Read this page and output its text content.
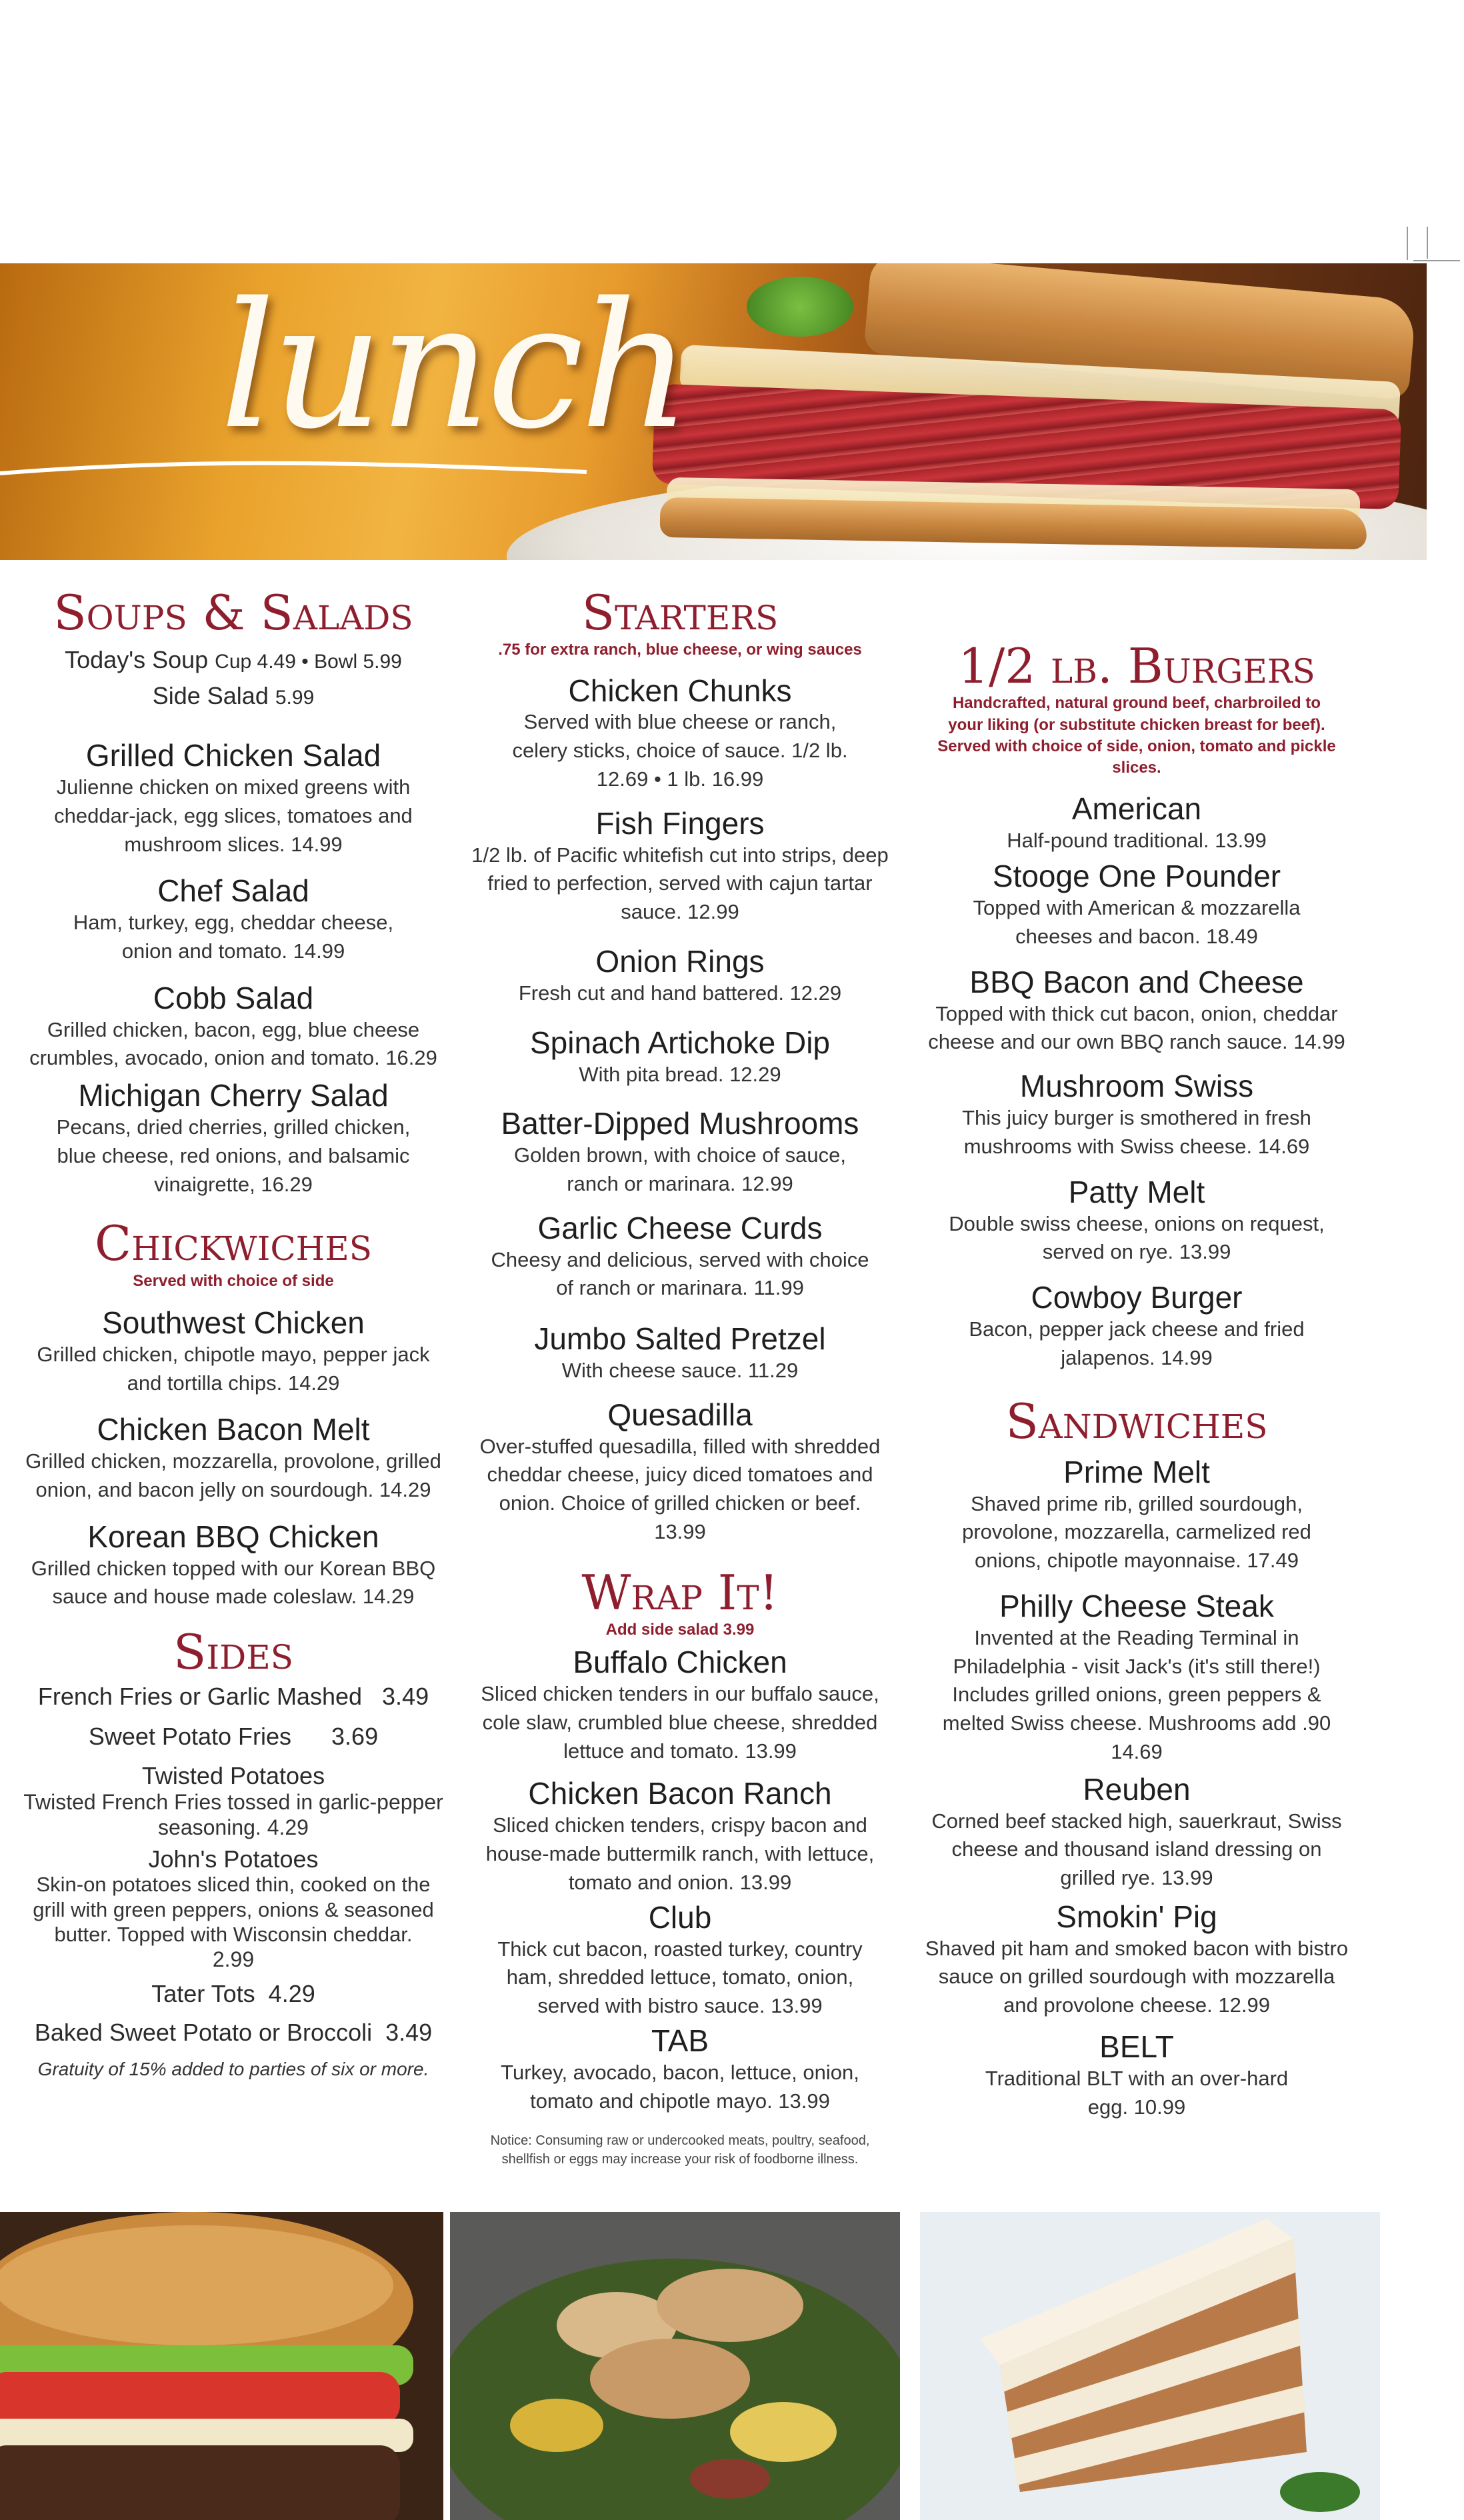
lunch
Soups & Salads
Today's Soup Cup 4.49 • Bowl 5.99
Side Salad 5.99
Grilled Chicken Salad
Julienne chicken on mixed greens with cheddar-jack, egg slices, tomatoes and mushroom slices. 14.99
Chef Salad
Ham, turkey, egg, cheddar cheese, onion and tomato. 14.99
Cobb Salad
Grilled chicken, bacon, egg, blue cheese crumbles, avocado, onion and tomato. 16.29
Michigan Cherry Salad
Pecans, dried cherries, grilled chicken, blue cheese, red onions, and balsamic vinaigrette, 16.29
Chickwiches
Served with choice of side
Southwest Chicken
Grilled chicken, chipotle mayo, pepper jack and tortilla chips. 14.29
Chicken Bacon Melt
Grilled chicken, mozzarella, provolone, grilled onion, and bacon jelly on sourdough. 14.29
Korean BBQ Chicken
Grilled chicken topped with our Korean BBQ sauce and house made coleslaw. 14.29
Sides
French Fries or Garlic Mashed 3.49
Sweet Potato Fries 3.69
Twisted Potatoes
Twisted French Fries tossed in garlic-pepper seasoning. 4.29
John's Potatoes
Skin-on potatoes sliced thin, cooked on the grill with green peppers, onions & seasoned butter. Topped with Wisconsin cheddar.
2.99
Tater Tots 4.29
Baked Sweet Potato or Broccoli 3.49
Gratuity of 15% added to parties of six or more.
Starters
.75 for extra ranch, blue cheese, or wing sauces
Chicken Chunks
Served with blue cheese or ranch, celery sticks, choice of sauce. 1/2 lb. 12.69 • 1 lb. 16.99
Fish Fingers
1/2 lb. of Pacific whitefish cut into strips, deep fried to perfection, served with cajun tartar sauce. 12.99
Onion Rings
Fresh cut and hand battered. 12.29
Spinach Artichoke Dip
With pita bread. 12.29
Batter-Dipped Mushrooms
Golden brown, with choice of sauce, ranch or marinara. 12.99
Garlic Cheese Curds
Cheesy and delicious, served with choice of ranch or marinara. 11.99
Jumbo Salted Pretzel
With cheese sauce. 11.29
Quesadilla
Over-stuffed quesadilla, filled with shredded cheddar cheese, juicy diced tomatoes and onion. Choice of grilled chicken or beef. 13.99
Wrap It!
Add side salad 3.99
Buffalo Chicken
Sliced chicken tenders in our buffalo sauce, cole slaw, crumbled blue cheese, shredded lettuce and tomato. 13.99
Chicken Bacon Ranch
Sliced chicken tenders, crispy bacon and house-made buttermilk ranch, with lettuce, tomato and onion. 13.99
Club
Thick cut bacon, roasted turkey, country ham, shredded lettuce, tomato, onion, served with bistro sauce. 13.99
TAB
Turkey, avocado, bacon, lettuce, onion, tomato and chipotle mayo. 13.99
Notice: Consuming raw or undercooked meats, poultry, seafood, shellfish or eggs may increase your risk of foodborne illness.
1/2 lb. Burgers
Handcrafted, natural ground beef, charbroiled to your liking (or substitute chicken breast for beef). Served with choice of side, onion, tomato and pickle slices.
American
Half-pound traditional. 13.99
Stooge One Pounder
Topped with American & mozzarella cheeses and bacon. 18.49
BBQ Bacon and Cheese
Topped with thick cut bacon, onion, cheddar cheese and our own BBQ ranch sauce. 14.99
Mushroom Swiss
This juicy burger is smothered in fresh mushrooms with Swiss cheese. 14.69
Patty Melt
Double swiss cheese, onions on request, served on rye. 13.99
Cowboy Burger
Bacon, pepper jack cheese and fried jalapenos. 14.99
Sandwiches
Prime Melt
Shaved prime rib, grilled sourdough, provolone, mozzarella, carmelized red onions, chipotle mayonnaise. 17.49
Philly Cheese Steak
Invented at the Reading Terminal in Philadelphia - visit Jack's (it's still there!) Includes grilled onions, green peppers & melted Swiss cheese. Mushrooms add .90 14.69
Reuben
Corned beef stacked high, sauerkraut, Swiss cheese and thousand island dressing on grilled rye. 13.99
Smokin' Pig
Shaved pit ham and smoked bacon with bistro sauce on grilled sourdough with mozzarella and provolone cheese. 12.99
BELT
Traditional BLT with an over-hard egg. 10.99
